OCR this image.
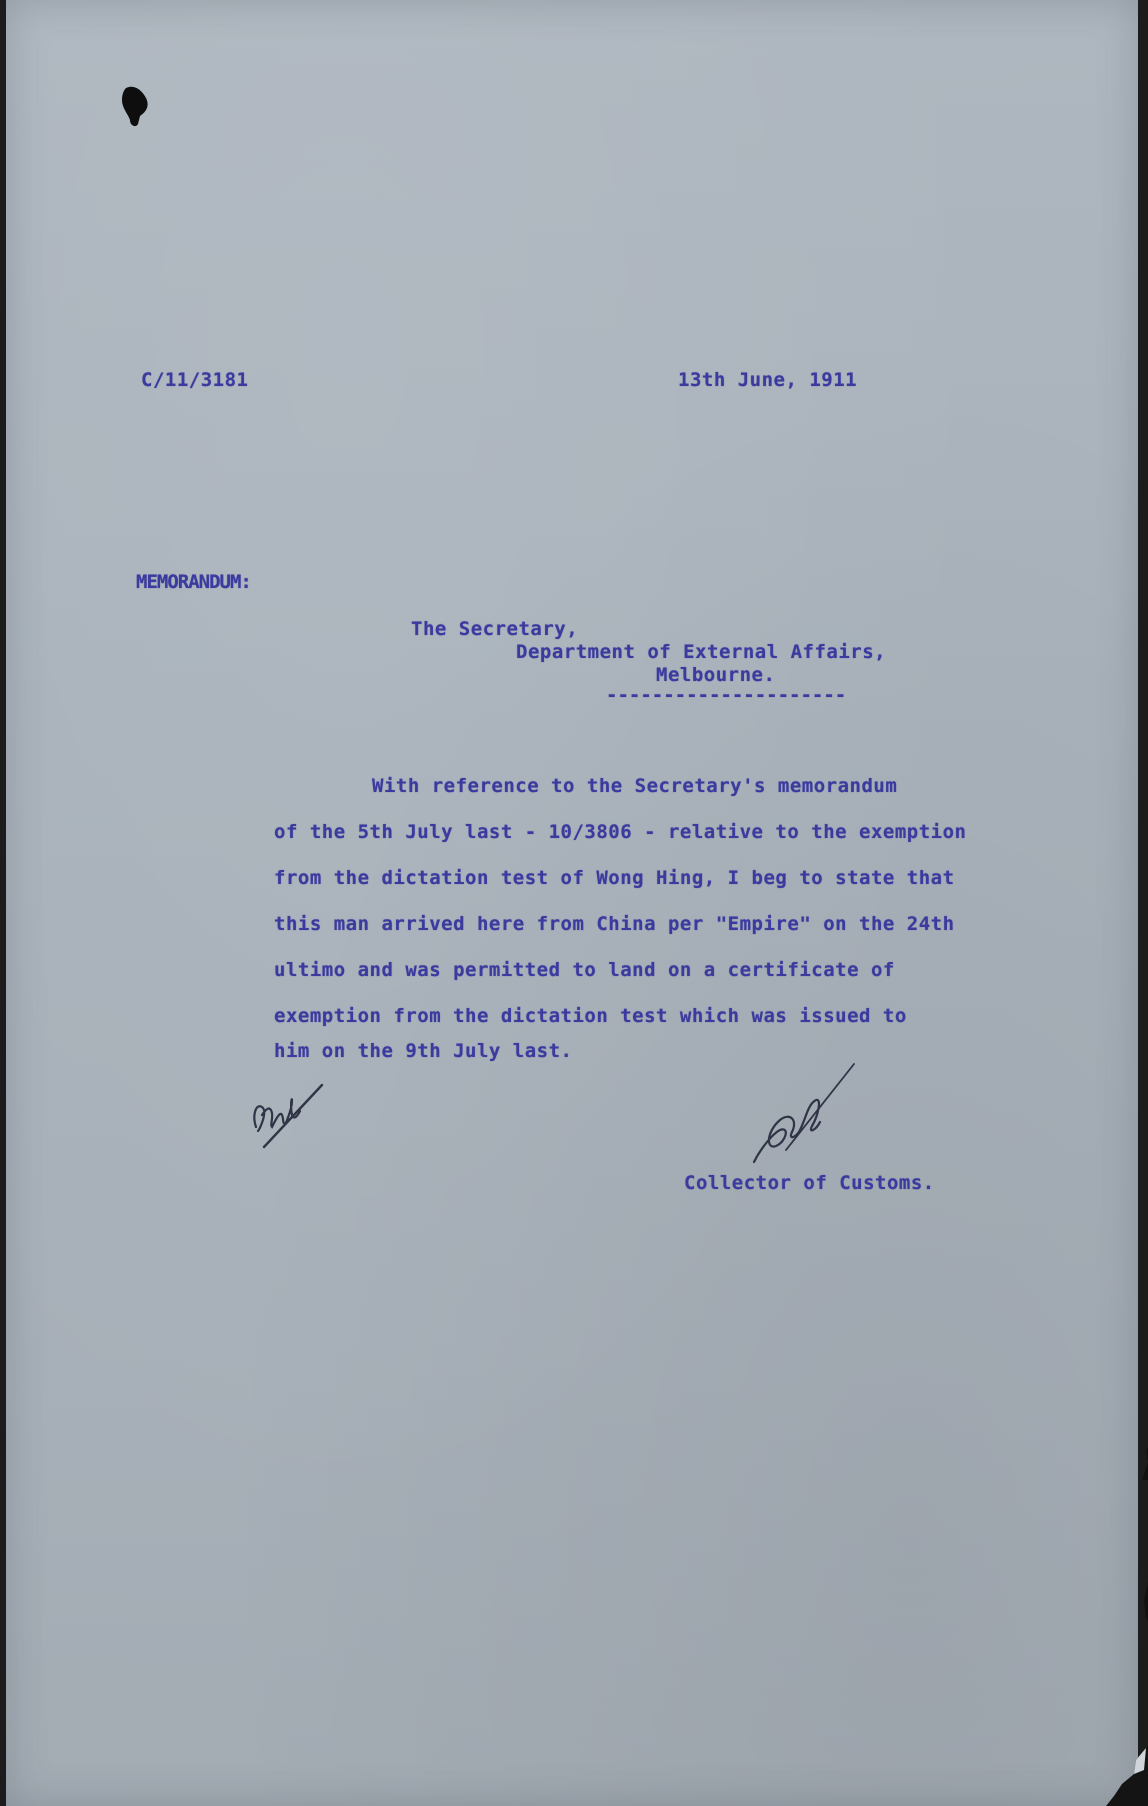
C/11/3181	13th June, 1911
MEMORANDUM:
The Secretary,
Department of External Affairs,
Melbourne.
---------------------
With reference to the Secretary's memorandum
of the 5th July last - 10/3806 - relative to the exemption
from the dictation test of Wong Hing, I beg to state that
this man arrived here from China per "Empire" on the 24th
ultimo and was permitted to land on a certificate of
exemption from the dictation test which was issued to
him on the 9th July last.
Collector of Customs.
